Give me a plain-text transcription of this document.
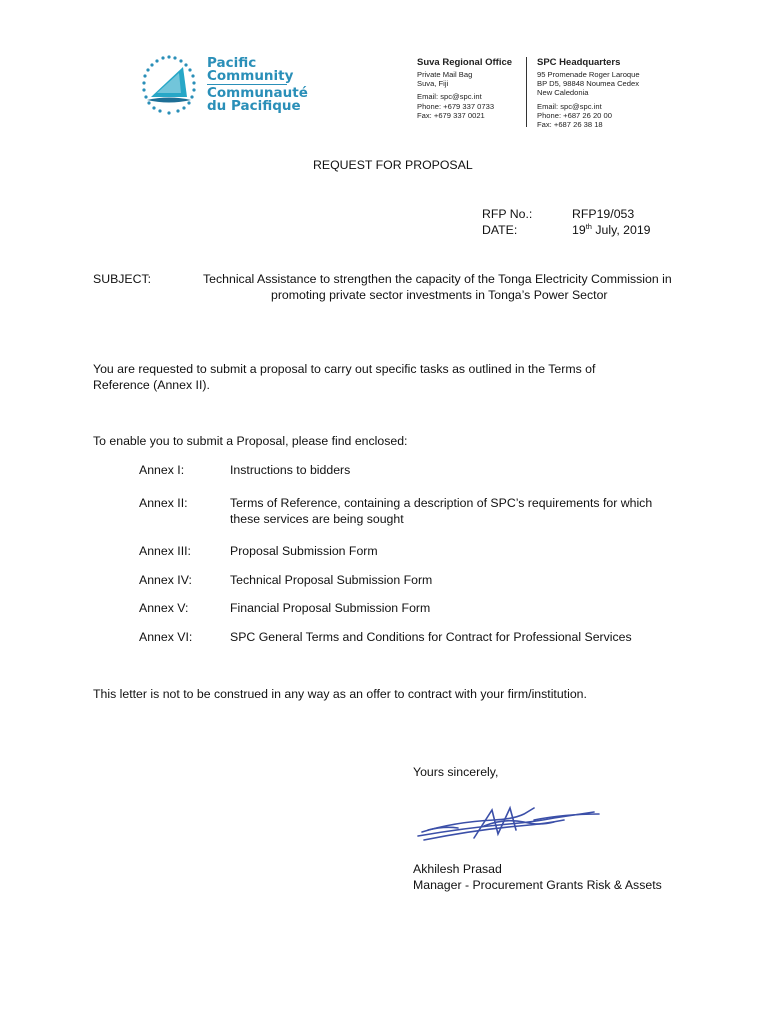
Pacific
Community
Communauté
du Pacifique
Suva Regional Office
Private Mail Bag
Suva, Fiji
Email: spc@spc.int
Phone: +679 337 0733
Fax: +679 337 0021
SPC Headquarters
95 Promenade Roger Laroque
BP D5, 98848 Noumea Cedex
New Caledonia
Email: spc@spc.int
Phone: +687 26 20 00
Fax: +687 26 38 18
REQUEST FOR PROPOSAL
RFP No.:	RFP19/053
DATE:	19th July, 2019
SUBJECT:	Technical Assistance to strengthen the capacity of the Tonga Electricity Commission in
promoting private sector investments in Tonga’s Power Sector
You are requested to submit a proposal to carry out specific tasks as outlined in the Terms of
Reference (Annex II).
To enable you to submit a Proposal, please find enclosed:
Annex I:	Instructions to bidders
Annex II:	Terms of Reference, containing a description of SPC’s requirements for which
these services are being sought
Annex III:	Proposal Submission Form
Annex IV:	Technical Proposal Submission Form
Annex V:	Financial Proposal Submission Form
Annex VI:	SPC General Terms and Conditions for Contract for Professional Services
This letter is not to be construed in any way as an offer to contract with your firm/institution.
Yours sincerely,
Akhilesh Prasad
Manager - Procurement Grants Risk & Assets
